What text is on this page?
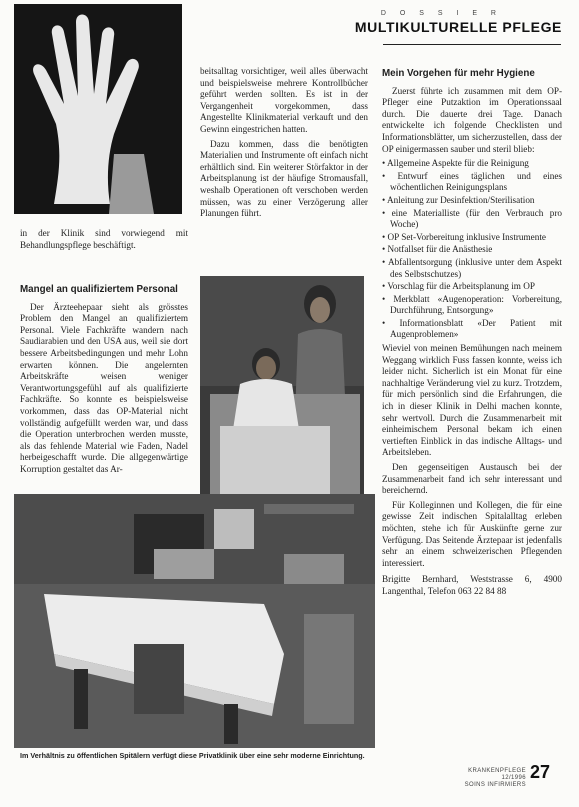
D O S S I E R
MULTIKULTURELLE PFLEGE

in der Klinik sind vorwiegend mit Behandlungspflege beschäftigt.

Mangel an qualifiziertem Personal

Der Ärzteehepaar sieht als grösstes Problem den Mangel an qualifiziertem Personal. Viele Fachkräfte wandern nach Saudiarabien und den USA aus, weil sie dort bessere Arbeitsbedingungen und mehr Lohn erwarten können. Die angelernten Arbeitskräfte weisen weniger Verantwortungsgefühl auf als qualifizierte Fachkräfte. So konnte es beispielsweise vorkommen, dass das OP-Material nicht vollständig aufgefüllt werden war, und dass die Operation unterbrochen werden musste, als das fehlende Material wie Faden, Nadel herbeigeschafft wurde. Die allgegenwärtige Korruption gestaltet das Ar-

beitsalltag vorsichtiger, weil alles überwacht und beispielsweise mehrere Kontrollbücher geführt werden sollten. Es ist in der Vergangenheit vorgekommen, dass Angestellte Klinikmaterial verkauft und den Gewinn eingestrichen hatten.

Dazu kommen, dass die benötigten Materialien und Instrumente oft einfach nicht erhältlich sind. Ein weiterer Störfaktor in der Arbeitsplanung ist der häufige Stromausfall, weshalb Operationen oft verschoben werden müssen, was zu einer Verzögerung aller Planungen führt.

Mein Vorgehen für mehr Hygiene

Zuerst führte ich zusammen mit dem OP-Pfleger eine Putzaktion im Operationssaal durch. Die dauerte drei Tage. Danach entwickelte ich folgende Checklisten und Informationsblätter, um sicherzustellen, dass der OP einigermassen sauber und steril blieb:

• Allgemeine Aspekte für die Reinigung
• Entwurf eines täglichen und eines wöchentlichen Reinigungsplans
• Anleitung zur Desinfektion/Sterilisation
• eine Materialliste (für den Verbrauch pro Woche)
• OP Set-Vorbereitung inklusive Instrumente
• Notfallset für die Anästhesie
• Abfallentsorgung (inklusive unter dem Aspekt des Selbstschutzes)
• Vorschlag für die Arbeitsplanung im OP
• Merkblatt «Augenoperation: Vorbereitung, Durchführung, Entsorgung»
• Informationsblatt «Der Patient mit Augenproblemen»

Wieviel von meinen Bemühungen nach meinem Weggang wirklich Fuss fassen konnte, weiss ich leider nicht. Sicherlich ist ein Monat für eine nachhaltige Veränderung viel zu kurz. Trotzdem, für mich persönlich sind die Erfahrungen, die ich in dieser Klinik in Delhi machen konnte, sehr wertvoll. Durch die Zusammenarbeit mit einheimischem Personal bekam ich einen vertieften Einblick in das indische Alltags- und Arbeitsleben.

Den gegenseitigen Austausch bei der Zusammenarbeit fand ich sehr interessant und bereichernd.

Für Kolleginnen und Kollegen, die für eine gewisse Zeit indischen Spitalalltag erleben möchten, stehe ich für Auskünfte gerne zur Verfügung. Das Seitende Ärztepaar ist jedenfalls sehr an einem schweizerischen Pflegenden interessiert.

Brigitte Bernhard, Weststrasse 6, 4900 Langenthal, Telefon 063 22 84 88

Im Verhältnis zu öffentlichen Spitälern verfügt diese Privatklinik über eine sehr moderne Einrichtung.
KRANKENPFLEGE 12/1996
SOINS INFIRMIERS
27
